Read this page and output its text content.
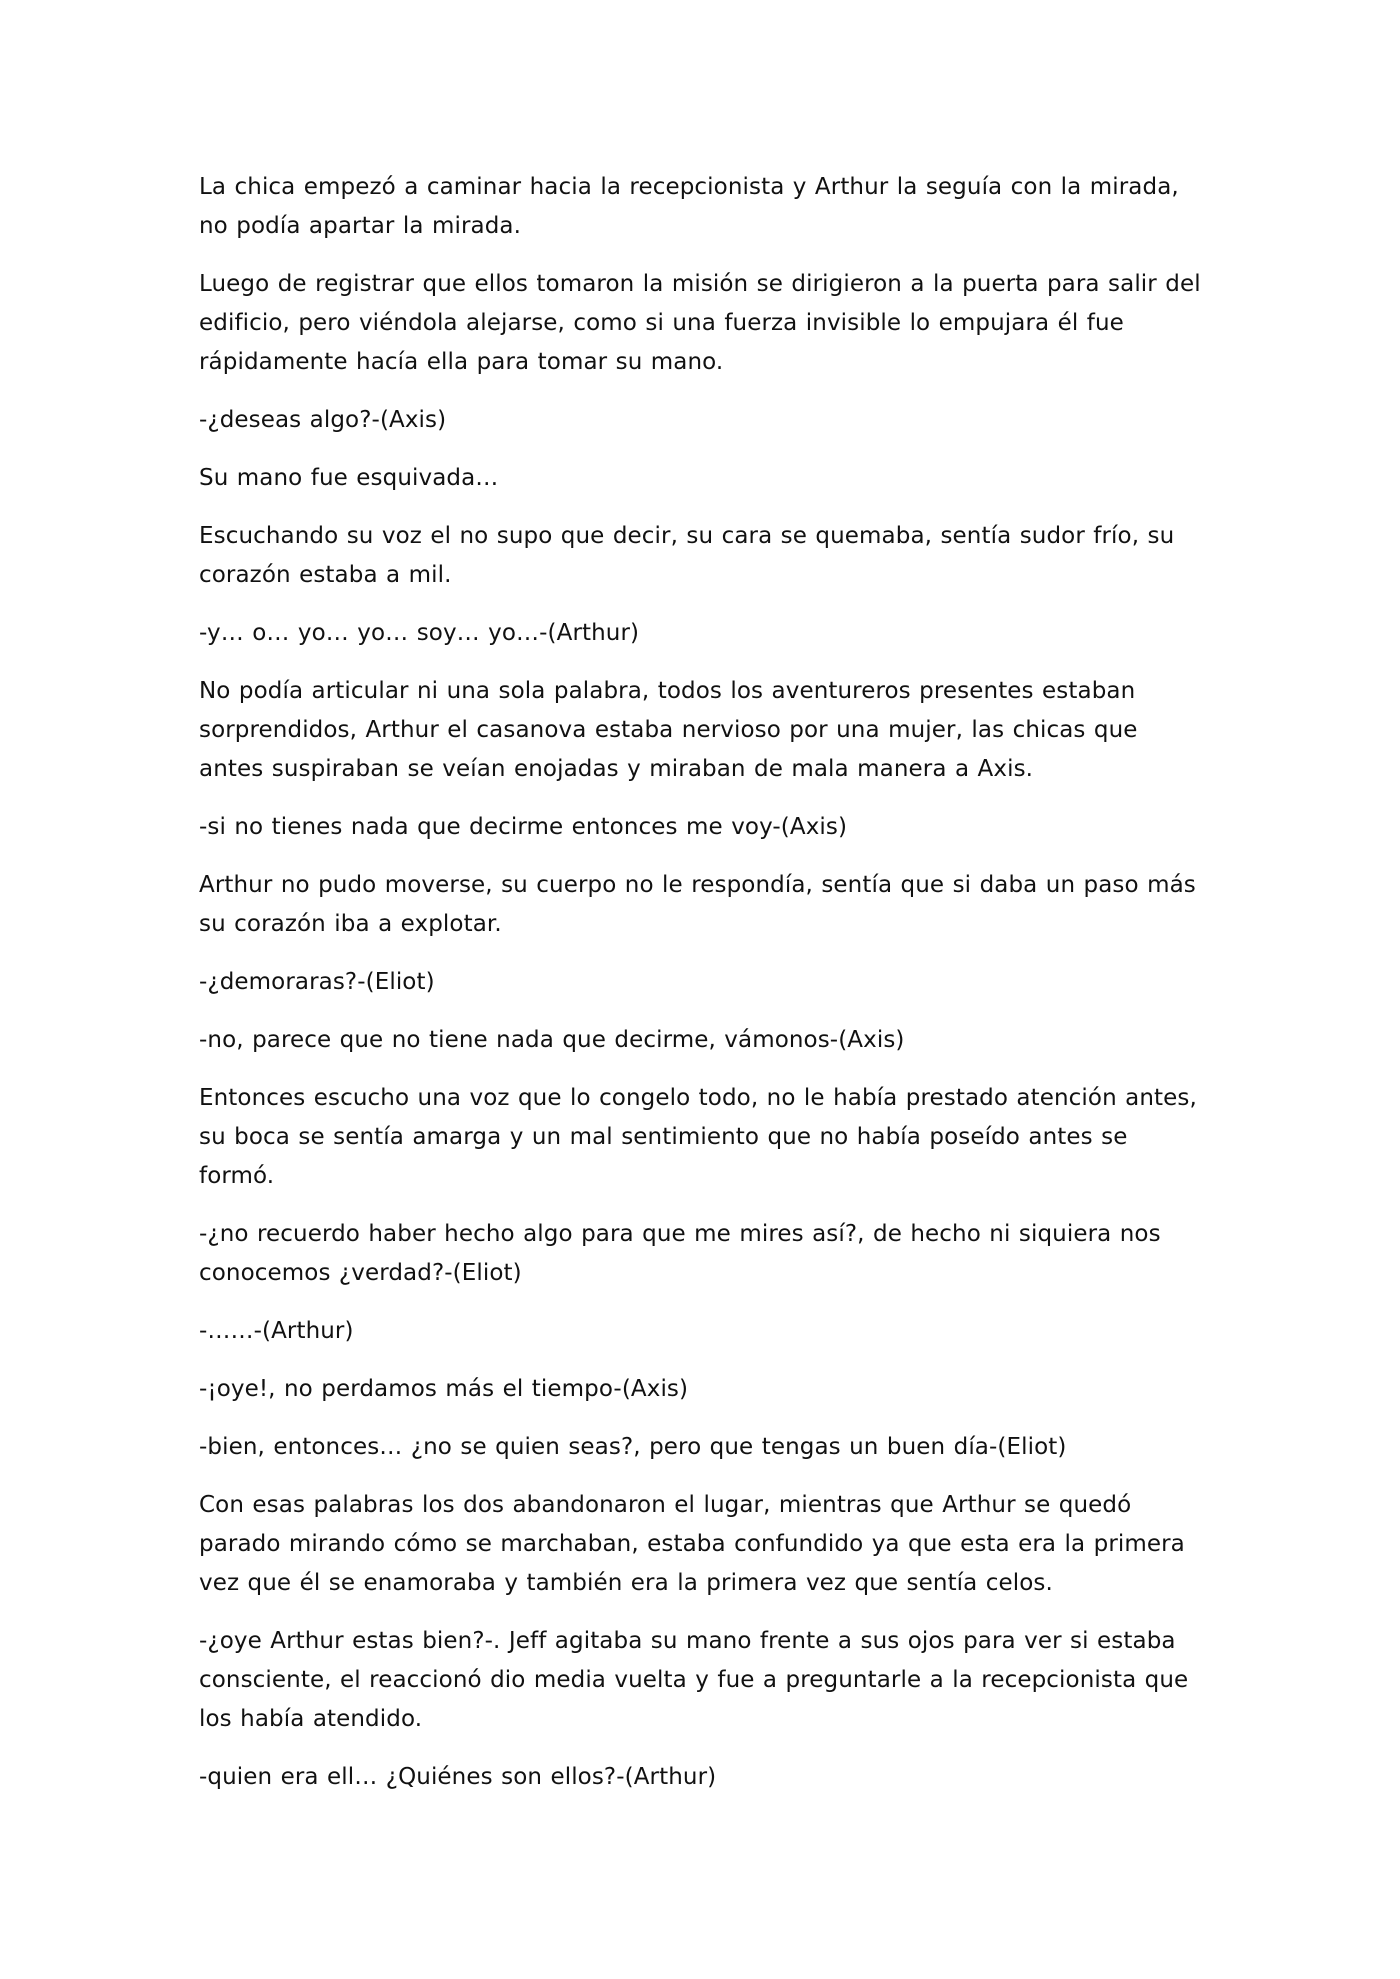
La chica empezó a caminar hacia la recepcionista y Arthur la seguía con la mirada, no podía apartar la mirada.

Luego de registrar que ellos tomaron la misión se dirigieron a la puerta para salir del edificio, pero viéndola alejarse, como si una fuerza invisible lo empujara él fue rápidamente hacía ella para tomar su mano.

-¿deseas algo?-(Axis)

Su mano fue esquivada…

Escuchando su voz el no supo que decir, su cara se quemaba, sentía sudor frío, su corazón estaba a mil.

-y… o… yo… yo… soy… yo…-(Arthur)

No podía articular ni una sola palabra, todos los aventureros presentes estaban sorprendidos, Arthur el casanova estaba nervioso por una mujer, las chicas que antes suspiraban se veían enojadas y miraban de mala manera a Axis.

-si no tienes nada que decirme entonces me voy-(Axis)

Arthur no pudo moverse, su cuerpo no le respondía, sentía que si daba un paso más su corazón iba a explotar.

-¿demoraras?-(Eliot)

-no, parece que no tiene nada que decirme, vámonos-(Axis)

Entonces escucho una voz que lo congelo todo, no le había prestado atención antes, su boca se sentía amarga y un mal sentimiento que no había poseído antes se formó.

-¿no recuerdo haber hecho algo para que me mires así?, de hecho ni siquiera nos conocemos ¿verdad?-(Eliot)

-……-(Arthur)

-¡oye!, no perdamos más el tiempo-(Axis)

-bien, entonces… ¿no se quien seas?, pero que tengas un buen día-(Eliot)

Con esas palabras los dos abandonaron el lugar, mientras que Arthur se quedó parado mirando cómo se marchaban, estaba confundido ya que esta era la primera vez que él se enamoraba y también era la primera vez que sentía celos.

-¿oye Arthur estas bien?-. Jeff agitaba su mano frente a sus ojos para ver si estaba consciente, el reaccionó dio media vuelta y fue a preguntarle a la recepcionista que los había atendido.

-quien era ell… ¿Quiénes son ellos?-(Arthur)
